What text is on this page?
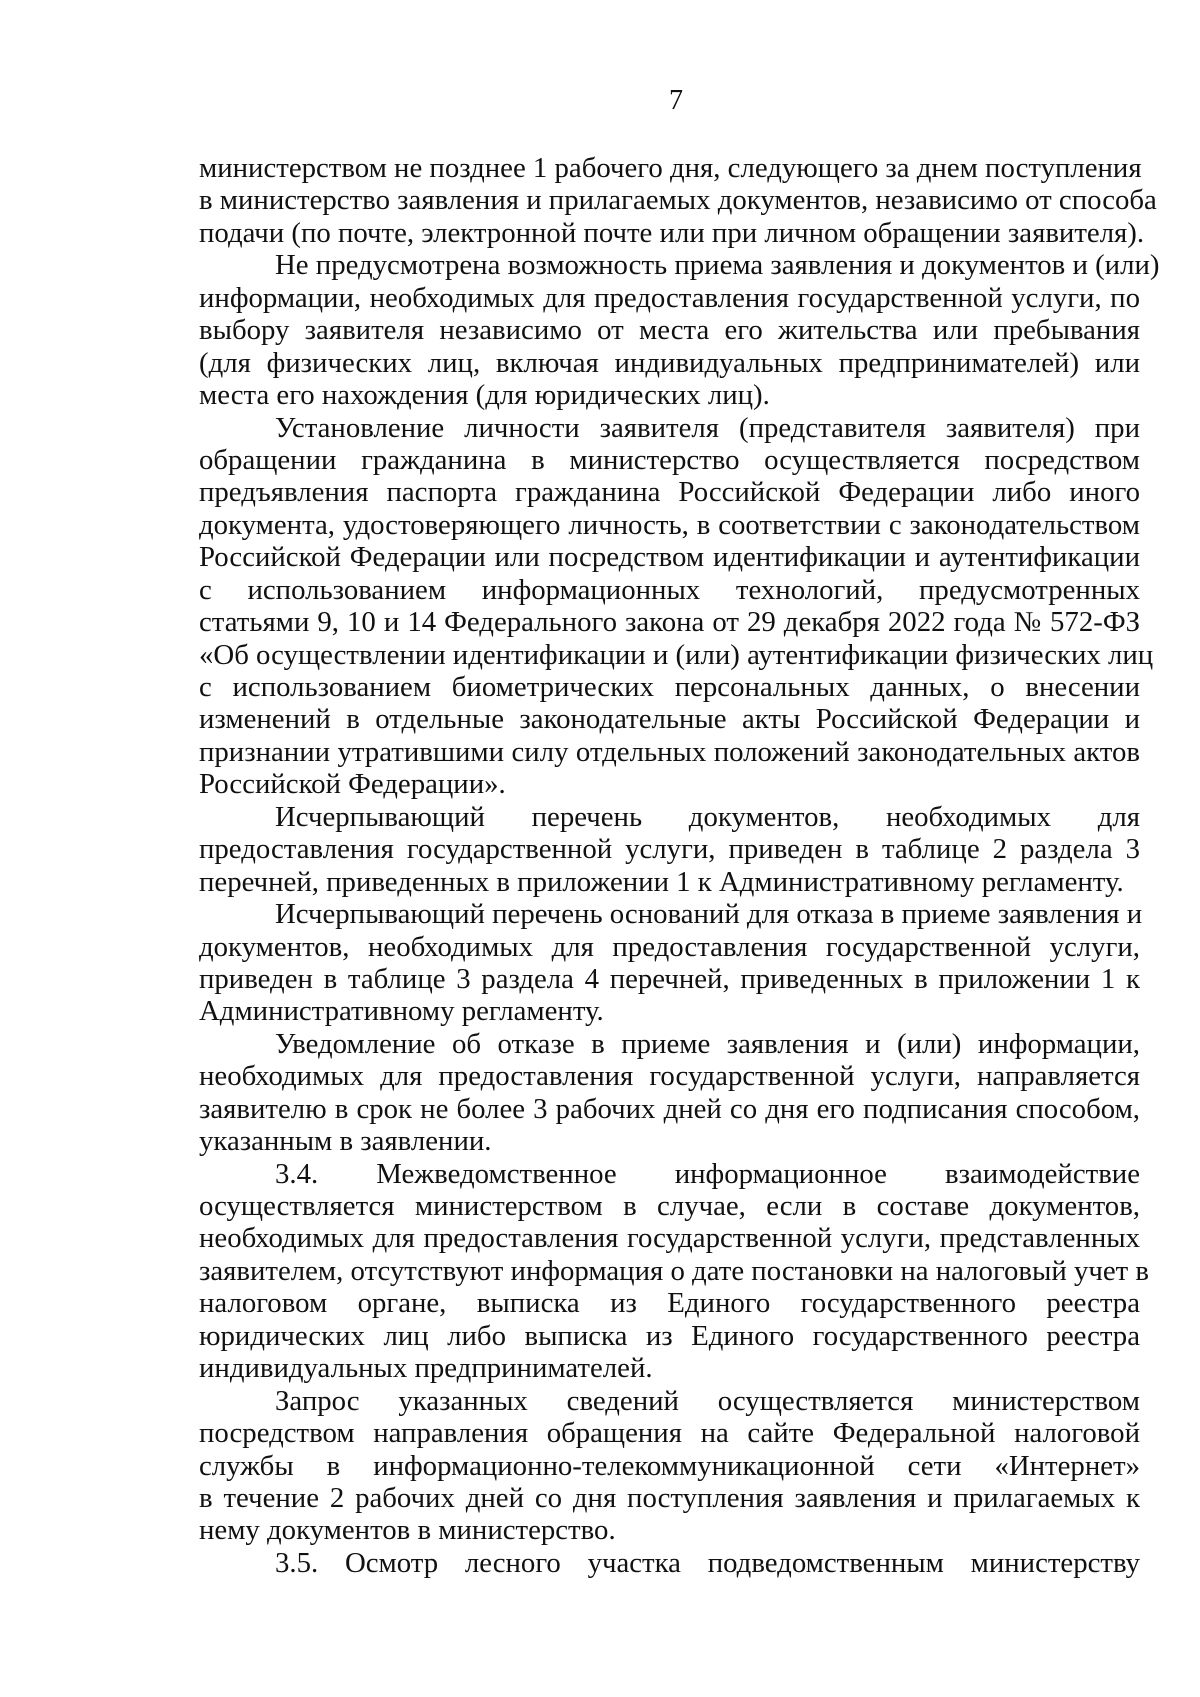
7
министерством не позднее 1 рабочего дня, следующего за днем поступления
в министерство заявления и прилагаемых документов, независимо от способа
подачи (по почте, электронной почте или при личном обращении заявителя).
Не предусмотрена возможность приема заявления и документов и (или)
информации, необходимых для предоставления государственной услуги, по
выбору заявителя независимо от места его жительства или пребывания
(для физических лиц, включая индивидуальных предпринимателей) или
места его нахождения (для юридических лиц).
Установление личности заявителя (представителя заявителя) при
обращении гражданина в министерство осуществляется посредством
предъявления паспорта гражданина Российской Федерации либо иного
документа, удостоверяющего личность, в соответствии с законодательством
Российской Федерации или посредством идентификации и аутентификации
с использованием информационных технологий, предусмотренных
статьями 9, 10 и 14 Федерального закона от 29 декабря 2022 года № 572-ФЗ
«Об осуществлении идентификации и (или) аутентификации физических лиц
с использованием биометрических персональных данных, о внесении
изменений в отдельные законодательные акты Российской Федерации и
признании утратившими силу отдельных положений законодательных актов
Российской Федерации».
Исчерпывающий перечень документов, необходимых для
предоставления государственной услуги, приведен в таблице 2 раздела 3
перечней, приведенных в приложении 1 к Административному регламенту.
Исчерпывающий перечень оснований для отказа в приеме заявления и
документов, необходимых для предоставления государственной услуги,
приведен в таблице 3 раздела 4 перечней, приведенных в приложении 1 к
Административному регламенту.
Уведомление об отказе в приеме заявления и (или) информации,
необходимых для предоставления государственной услуги, направляется
заявителю в срок не более 3 рабочих дней со дня его подписания способом,
указанным в заявлении.
3.4. Межведомственное информационное взаимодействие
осуществляется министерством в случае, если в составе документов,
необходимых для предоставления государственной услуги, представленных
заявителем, отсутствуют информация о дате постановки на налоговый учет в
налоговом органе, выписка из Единого государственного реестра
юридических лиц либо выписка из Единого государственного реестра
индивидуальных предпринимателей.
Запрос указанных сведений осуществляется министерством
посредством направления обращения на сайте Федеральной налоговой
службы в информационно-телекоммуникационной сети «Интернет»
в течение 2 рабочих дней со дня поступления заявления и прилагаемых к
нему документов в министерство.
3.5. Осмотр лесного участка подведомственным министерству
